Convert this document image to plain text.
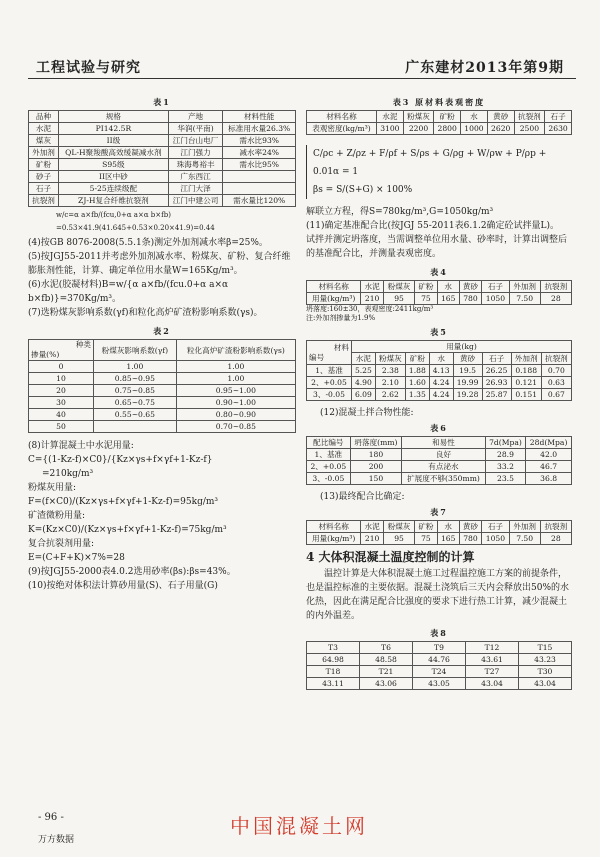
工程试验与研究	广东建材2013年第9期
表1
品种	规格	产地	材料性能
水泥	PI142.5R	华润(平南)	标准用水量26.3%
煤灰	II级	江门台山电厂	需水比93%
外加剂	QL-H聚羧酸高效缓凝减水剂	江门强力	减水率24%
矿粉	S95级	珠海粤裕丰	需水比95%
砂子	II区中砂	广东西江	
石子	5-25连续级配	江门大泽	
抗裂剂	ZJ-H复合纤维抗裂剂	江门中建公司	需水量比120%
w/c=α a×fb/(fcu,0+α a×α b×fb)
=0.53×41.9(41.645+0.53×0.20×41.9)=0.44

(4)按GB 8076-2008(5.5.1条)测定外加剂减水率β=25%。

(5)按JGJ55-2011并考虑外加剂减水率、粉煤灰、矿粉、复合纤维膨胀剂性能，计算、确定单位用水量W=165Kg/m³。

(6)水泥(胶凝材料)B=w/{α a×fb/(fcu.0+α a×α b×fb)}=370Kg/m³。

(7)选粉煤灰影响系数(γf)和粒化高炉矿渣粉影响系数(γs)。

表2
种类
掺量(%)	粉煤灰影响系数(γf)	粒化高炉矿渣粉影响系数(γs)
0	1.00	1.00
10	0.85~0.95	1.00
20	0.75~0.85	0.95~1.00
30	0.65~0.75	0.90~1.00
40	0.55~0.65	0.80~0.90
50		0.70~0.85

(8)计算混凝土中水泥用量:

C={(1-Kz-f)×C0}/{Kz×γs+f×γf+1-Kz-f}
=210kg/m³
粉煤灰用量:
F=(f×C0)/(Kz×γs+f×γf+1-Kz-f)=95kg/m³
矿渣微粉用量:
K=(Kz×C0)/(Kz×γs+f×γf+1-Kz-f)=75kg/m³
复合抗裂剂用量:
E=(C+F+K)×7%=28

(9)按JGJ55-2000表4.0.2选用砂率(βs):βs=43%。

(10)按绝对体积法计算砂用量(S)、石子用量(G)

表3 原材料表观密度
材料名称	水泥	粉煤灰	矿粉	水	黄砂	抗裂剂	石子
表观密度(kg/m³)	3100	2200	2800	1000	2620	2500	2630
C/ρc + Z/ρz + F/ρf + S/ρs + G/ρg + W/ρw + P/ρp + 0.01α = 1
βs = S/(S+G) × 100%

解联立方程，得S=780kg/m³,G=1050kg/m³

(11)确定基准配合比(按JGJ 55-2011表6.1.2确定砼试拌量L)。

试拌并测定坍落度，当需调整单位用水量、砂率时，计算出调整后的基准配合比，并测量表观密度。

表4
材料名称	水泥	粉煤灰	矿粉	水	黄砂	石子	外加剂	抗裂剂
用量(kg/m³)	210	95	75	165	780	1050	7.50	28
坍落度:160±30，表观密度:2411kg/m³
注:外加剂掺量为1.9%
表5
材料
编号	用量(kg)							
	水泥	粉煤灰	矿粉	水	黄砂	石子	外加剂	抗裂剂
1、基准	5.25	2.38	1.88	4.13	19.5	26.25	0.188	0.70
2、+0.05	4.90	2.10	1.60	4.24	19.99	26.93	0.121	0.63
3、-0.05	6.09	2.62	1.35	4.24	19.28	25.87	0.151	0.67

(12)混凝土拌合物性能:

表6
配比编号	坍落度(mm)	和易性	7d(Mpa)	28d(Mpa)
1、基准	180	良好	28.9	42.0
2、+0.05	200	有点泌水	33.2	46.7
3、-0.05	150	扩展度不够(350mm)	23.5	36.8

(13)最终配合比确定:

表7
材料名称	水泥	粉煤灰	矿粉	水	黄砂	石子	外加剂	抗裂剂
用量(kg/m³)	210	95	75	165	780	1050	7.50	28
4 大体积混凝土温度控制的计算

温控计算是大体积混凝土施工过程温控施工方案的前提条件，也是温控标准的主要依据。混凝土浇筑后三天内会释放出50%的水化热，因此在满足配合比强度的要求下进行热工计算，减少混凝土的内外温差。

表8
T3	T6	T9	T12	T15
64.98	48.58	44.76	43.61	43.23
T18	T21	T24	T27	T30
43.11	43.06	43.05	43.04	43.04
- 96 -
万方数据
中国混凝土网
